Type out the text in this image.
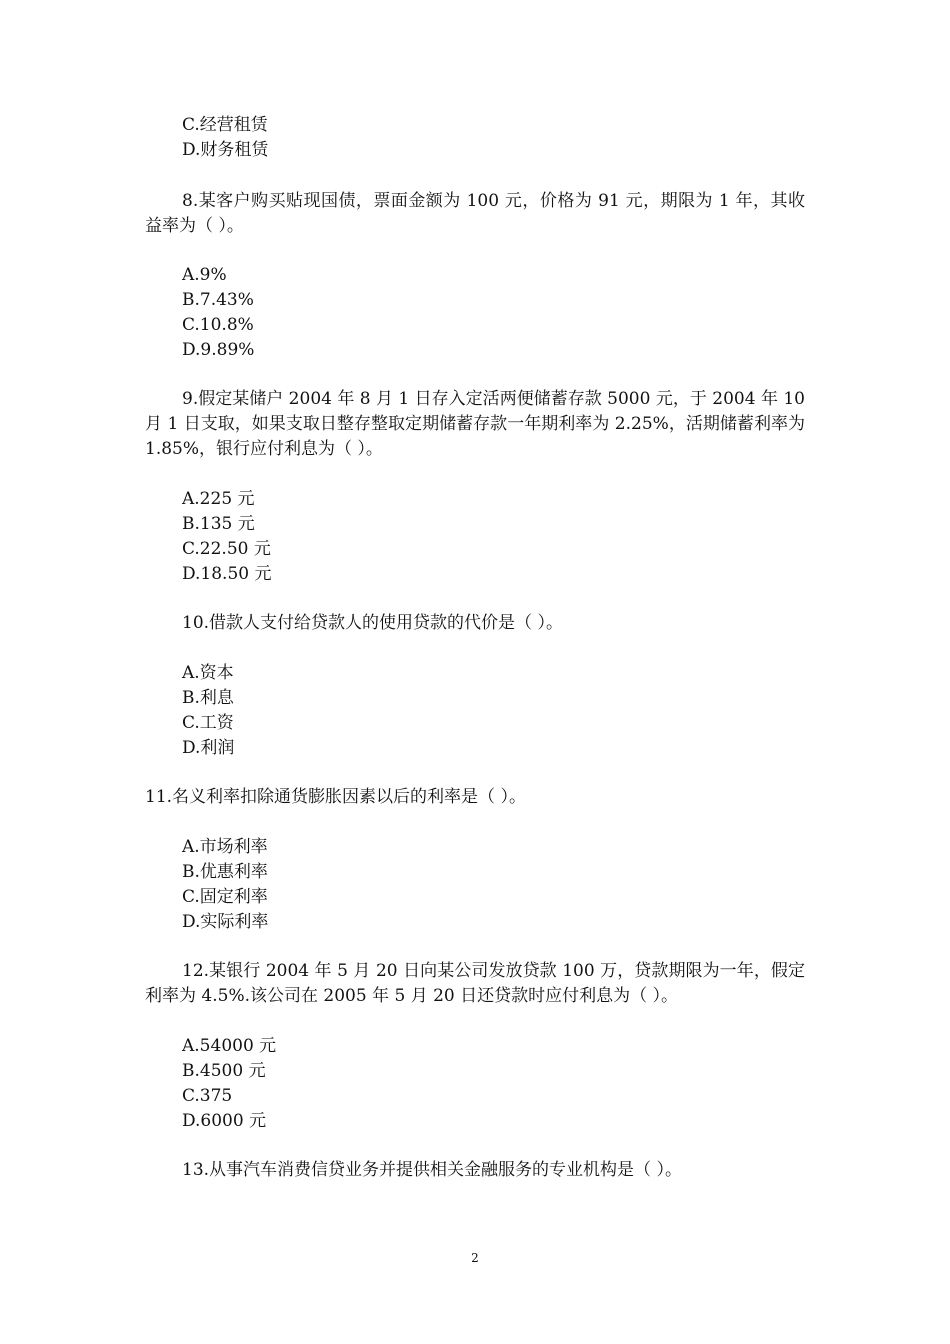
C.经营租赁
D.财务租赁

8.某客户购买贴现国债，票面金额为 100 元，价格为 91 元，期限为 1 年，其收益率为（ ）。

A.9%
B.7.43%
C.10.8%
D.9.89%

9.假定某储户 2004 年 8 月 1 日存入定活两便储蓄存款 5000 元，于 2004 年 10 月 1 日支取，如果支取日整存整取定期储蓄存款一年期利率为 2.25%，活期储蓄利率为 1.85%，银行应付利息为（ ）。

A.225 元
B.135 元
C.22.50 元
D.18.50 元

10.借款人支付给贷款人的使用贷款的代价是（ ）。

A.资本
B.利息
C.工资
D.利润

11.名义利率扣除通货膨胀因素以后的利率是（ ）。

A.市场利率
B.优惠利率
C.固定利率
D.实际利率

12.某银行 2004 年 5 月 20 日向某公司发放贷款 100 万，贷款期限为一年，假定利率为 4.5%.该公司在 2005 年 5 月 20 日还贷款时应付利息为（ ）。

A.54000 元
B.4500 元
C.375
D.6000 元

13.从事汽车消费信贷业务并提供相关金融服务的专业机构是（ ）。

2
